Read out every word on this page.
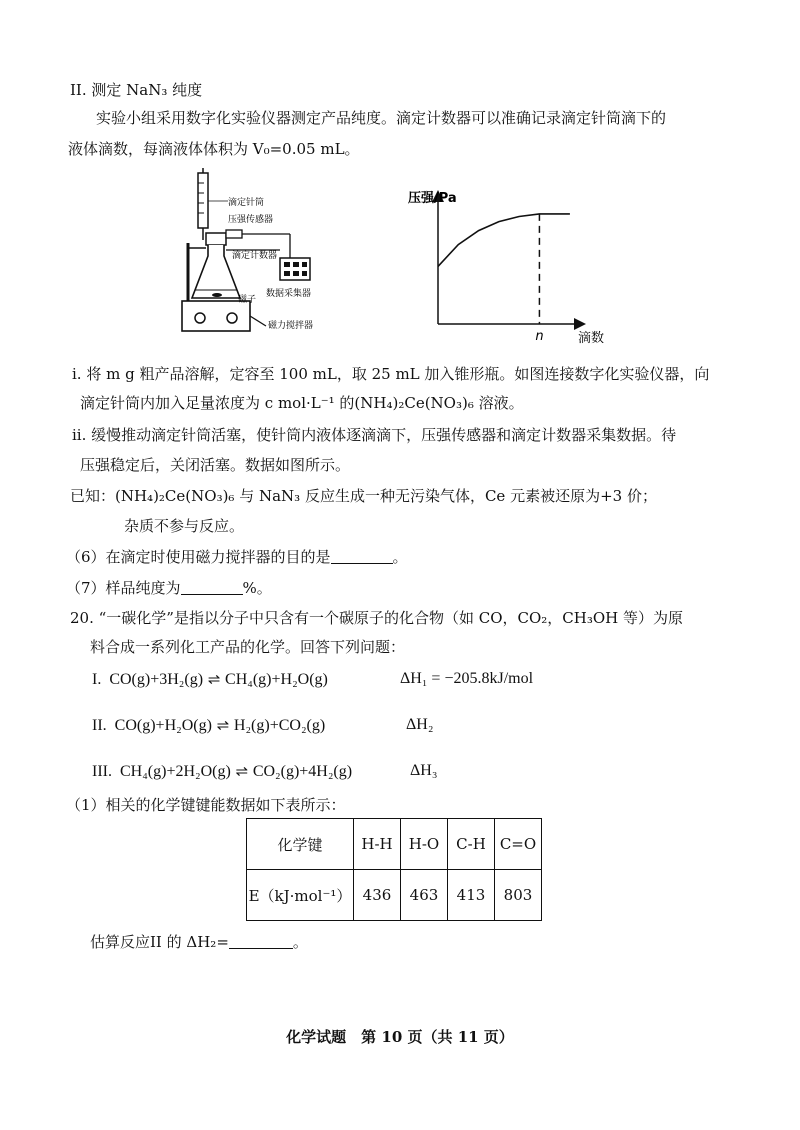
II. 测定 NaN₃ 纯度
实验小组采用数字化实验仪器测定产品纯度。滴定计数器可以准确记录滴定针筒滴下的
液体滴数，每滴液体体积为 V₀=0.05 mL。
滴定针筒
压强传感器
滴定计数器
数据采集器
磁子
磁力搅拌器
压强/Pa
滴数
n
i. 将 m g 粗产品溶解，定容至 100 mL，取 25 mL 加入锥形瓶。如图连接数字化实验仪器，向
滴定针筒内加入足量浓度为 c mol·L⁻¹ 的(NH₄)₂Ce(NO₃)₆ 溶液。
ii. 缓慢推动滴定针筒活塞，使针筒内液体逐滴滴下，压强传感器和滴定计数器采集数据。待
压强稳定后，关闭活塞。数据如图所示。
已知：(NH₄)₂Ce(NO₃)₆ 与 NaN₃ 反应生成一种无污染气体，Ce 元素被还原为+3 价；
杂质不参与反应。
（6）在滴定时使用磁力搅拌器的目的是	。
（7）样品纯度为	%。
20. “一碳化学”是指以分子中只含有一个碳原子的化合物（如 CO，CO₂，CH₃OH 等）为原
料合成一系列化工产品的化学。回答下列问题：
I. CO(g)+3H₂(g) ⇌ CH₄(g)+H₂O(g)	ΔH₁ = −205.8kJ/mol
II. CO(g)+H₂O(g) ⇌ H₂(g)+CO₂(g)	ΔH₂
III. CH₄(g)+2H₂O(g) ⇌ CO₂(g)+4H₂(g)	ΔH₃
（1）相关的化学键键能数据如下表所示：
化学键	H-H	H-O	C-H	C=O
E（kJ·mol⁻¹）	436	463	413	803
估算反应II 的 ΔH₂=	。
化学试题　第 10 页（共 11 页）
